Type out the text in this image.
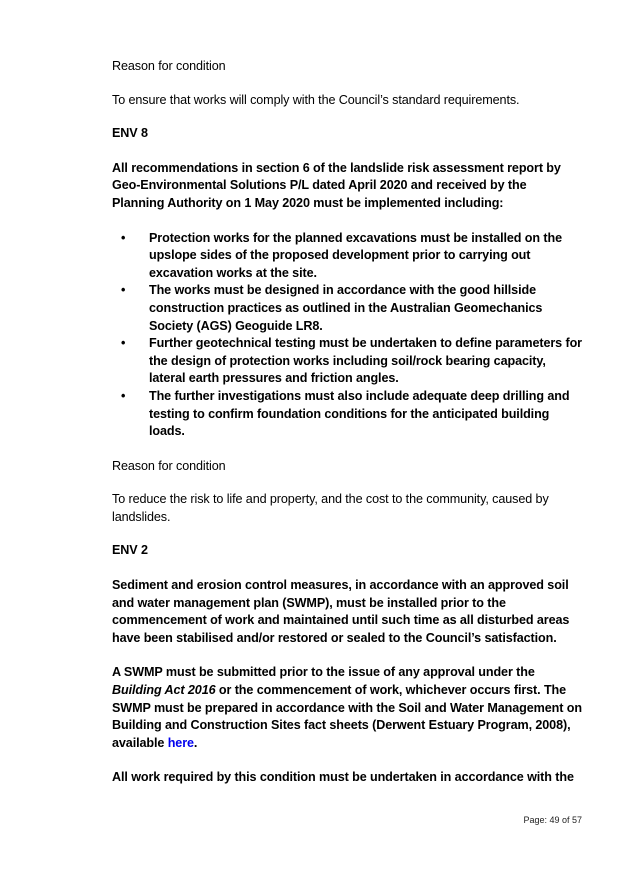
Reason for condition

To ensure that works will comply with the Council’s standard requirements.

ENV 8

All recommendations in section 6 of the landslide risk assessment report by Geo-Environmental Solutions P/L dated April 2020 and received by the Planning Authority on 1 May 2020 must be implemented including:

• Protection works for the planned excavations must be installed on the upslope sides of the proposed development prior to carrying out excavation works at the site.
• The works must be designed in accordance with the good hillside construction practices as outlined in the Australian Geomechanics Society (AGS) Geoguide LR8.
• Further geotechnical testing must be undertaken to define parameters for the design of protection works including soil/rock bearing capacity, lateral earth pressures and friction angles.
• The further investigations must also include adequate deep drilling and testing to confirm foundation conditions for the anticipated building loads.

Reason for condition

To reduce the risk to life and property, and the cost to the community, caused by landslides.

ENV 2

Sediment and erosion control measures, in accordance with an approved soil and water management plan (SWMP), must be installed prior to the commencement of work and maintained until such time as all disturbed areas have been stabilised and/or restored or sealed to the Council’s satisfaction.

A SWMP must be submitted prior to the issue of any approval under the Building Act 2016 or the commencement of work, whichever occurs first. The SWMP must be prepared in accordance with the Soil and Water Management on Building and Construction Sites fact sheets (Derwent Estuary Program, 2008), available here.

All work required by this condition must be undertaken in accordance with the

Page: 49 of 57
